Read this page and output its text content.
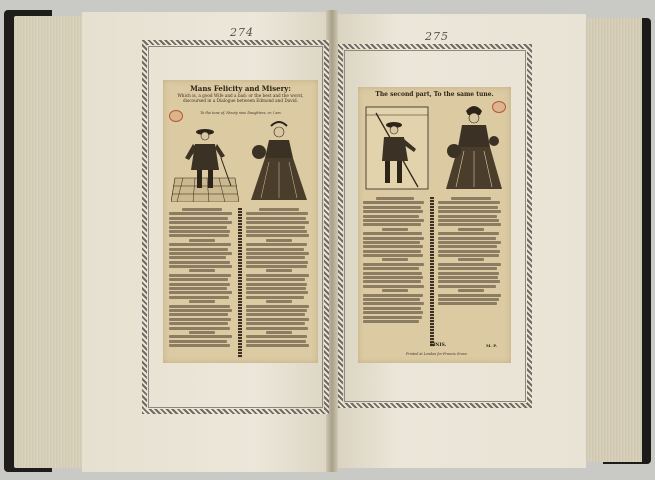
274	275
Mans Felicity and Misery:
Which is, a good Wife and a bad: or the best and the worst, discoursed in a Dialogue between Edmond and David.
To the tune of, Ninety nine Daughters, or, I am.
The second part, To the same tune.
FINIS.	M. P.
Printed at London for Francis Grove.
